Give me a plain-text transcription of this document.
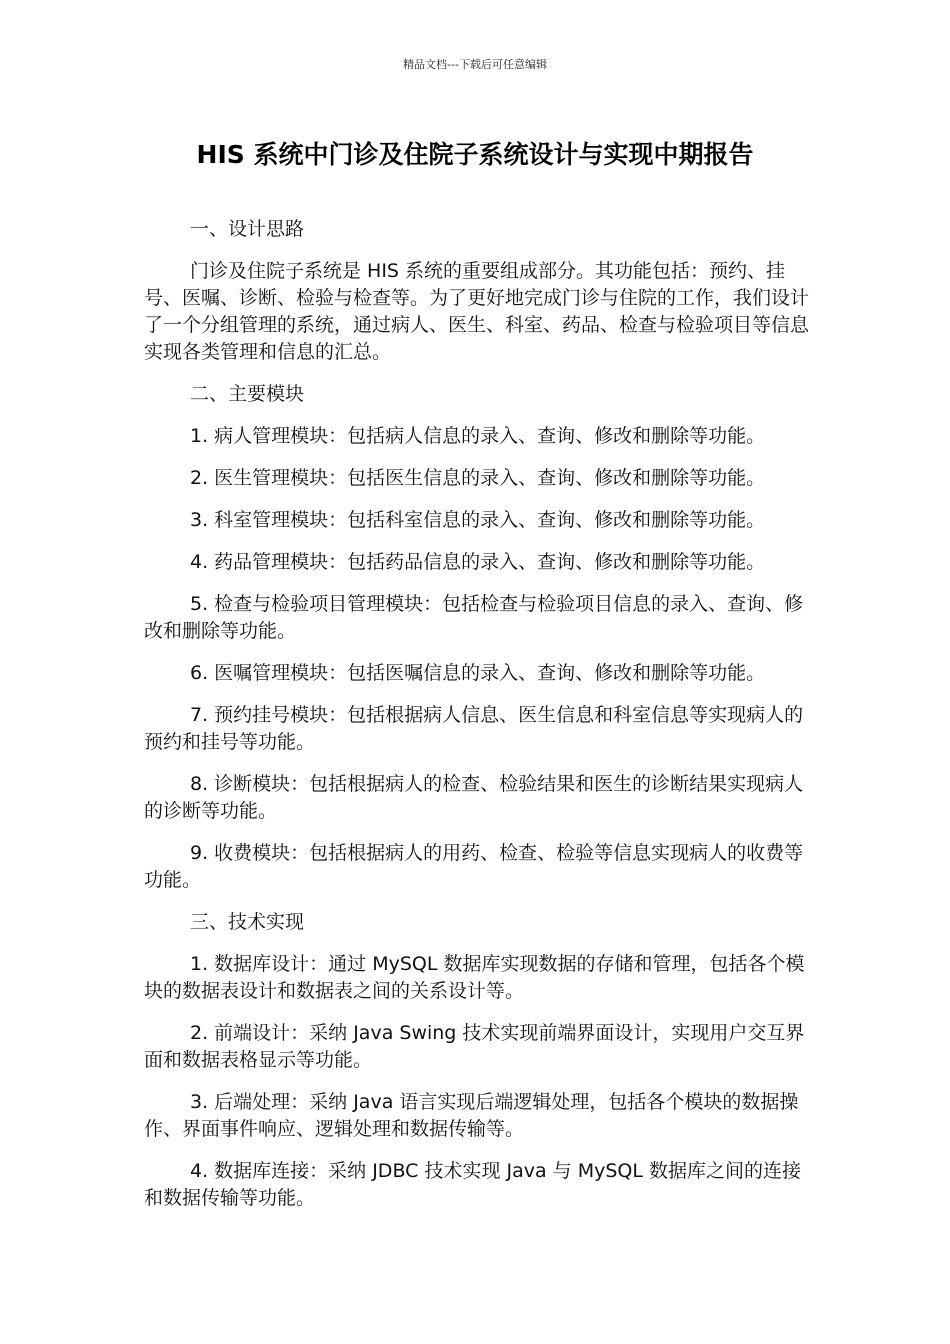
精品文档---下载后可任意编辑
HIS 系统中门诊及住院子系统设计与实现中期报告

一、设计思路

门诊及住院子系统是 HIS 系统的重要组成部分。其功能包括：预约、挂号、医嘱、诊断、检验与检查等。为了更好地完成门诊与住院的工作，我们设计了一个分组管理的系统，通过病人、医生、科室、药品、检查与检验项目等信息实现各类管理和信息的汇总。

二、主要模块

1. 病人管理模块：包括病人信息的录入、查询、修改和删除等功能。

2. 医生管理模块：包括医生信息的录入、查询、修改和删除等功能。

3. 科室管理模块：包括科室信息的录入、查询、修改和删除等功能。

4. 药品管理模块：包括药品信息的录入、查询、修改和删除等功能。

5. 检查与检验项目管理模块：包括检查与检验项目信息的录入、查询、修改和删除等功能。

6. 医嘱管理模块：包括医嘱信息的录入、查询、修改和删除等功能。

7. 预约挂号模块：包括根据病人信息、医生信息和科室信息等实现病人的预约和挂号等功能。

8. 诊断模块：包括根据病人的检查、检验结果和医生的诊断结果实现病人的诊断等功能。

9. 收费模块：包括根据病人的用药、检查、检验等信息实现病人的收费等功能。

三、技术实现

1. 数据库设计：通过 MySQL 数据库实现数据的存储和管理，包括各个模块的数据表设计和数据表之间的关系设计等。

2. 前端设计：采纳 Java Swing 技术实现前端界面设计，实现用户交互界面和数据表格显示等功能。

3. 后端处理：采纳 Java 语言实现后端逻辑处理，包括各个模块的数据操作、界面事件响应、逻辑处理和数据传输等。

4. 数据库连接：采纳 JDBC 技术实现 Java 与 MySQL 数据库之间的连接和数据传输等功能。
